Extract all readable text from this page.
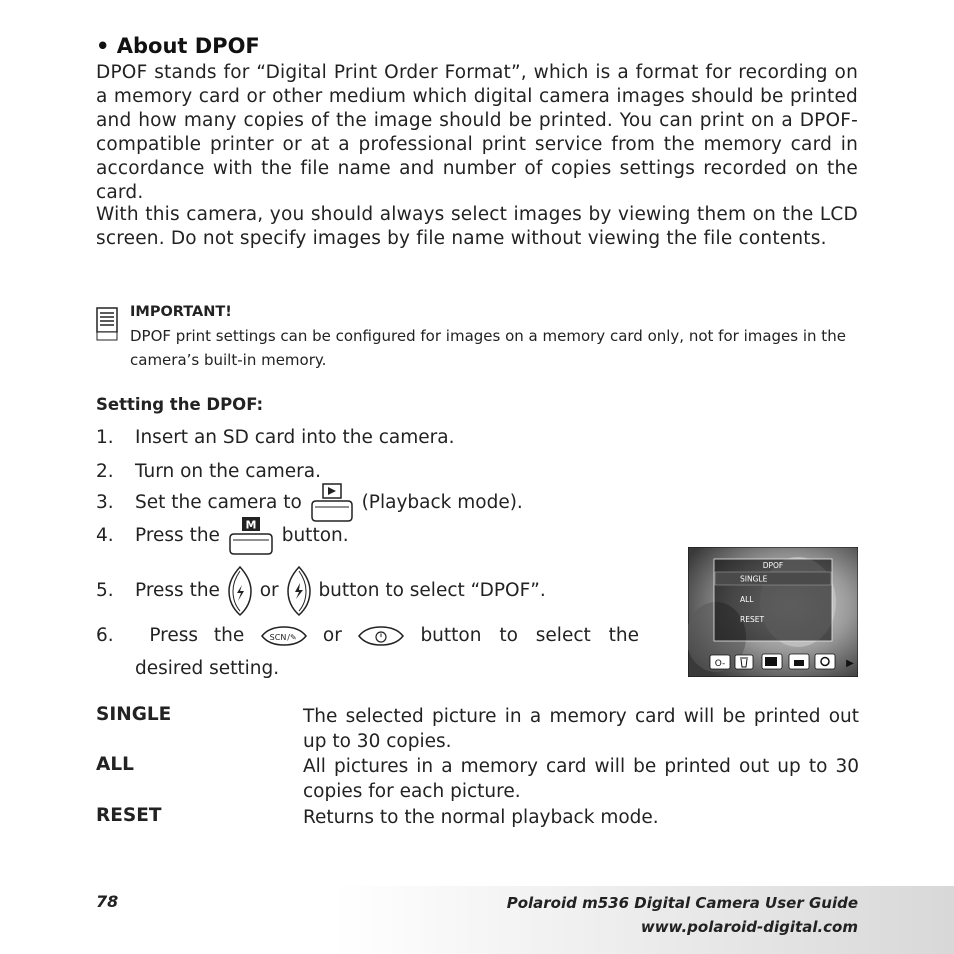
• About DPOF
DPOF stands for “Digital Print Order Format”, which is a format for recording on a memory card or other medium which digital camera images should be printed and how many copies of the image should be printed. You can print on a DPOF-compatible printer or at a professional print service from the memory card in accordance with the file name and number of copies settings recorded on the card.
With this camera, you should always select images by viewing them on the LCD screen. Do not specify images by file name without viewing the file contents.
IMPORTANT!
DPOF print settings can be configured for images on a memory card only, not for images in the camera’s built-in memory.
Setting the DPOF:
1. Insert an SD card into the camera.
2. Turn on the camera.
3. Set the camera to	(Playback mode).
4. Press the M button.
5. Press the or button to select “DPOF”.
6.	Press the	SCN /✎ or	button to select the
desired setting.
DPOF
SINGLE
ALL
RESET
O-	▶
SINGLE	The selected picture in a memory card will be printed out up to 30 copies.
ALL	All pictures in a memory card will be printed out up to 30 copies for each picture.
RESET	Returns to the normal playback mode.
78	Polaroid m536 Digital Camera User Guide
www.polaroid-digital.com
